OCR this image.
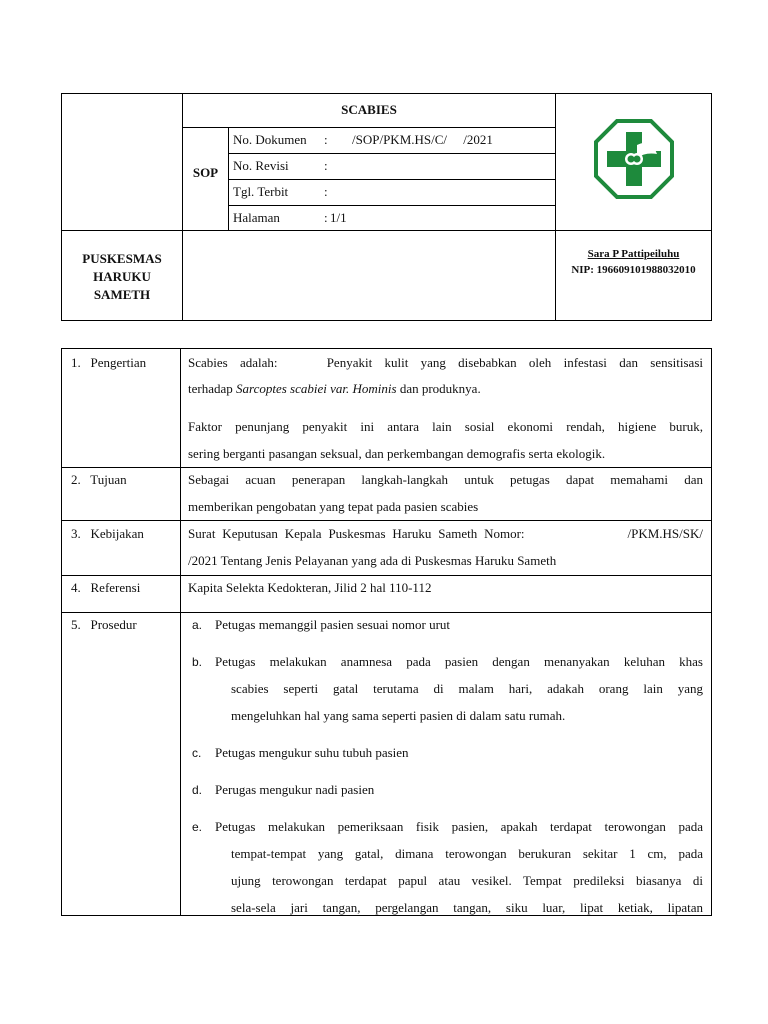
SCABIES
SOP
No. Dokumen : /SOP/PKM.HS/C/     /2021
No. Revisi	:
Tgl. Terbit	:
Halaman	: 1/1
PUSKESMAS
HARUKU
SAMETH
Sara P Pattipeiluhu
NIP: 196609101988032010
1.   Pengertian	Scabies adalah:    Penyakit kulit yang disebabkan oleh infestasi dan sensitisasi
terhadap Sarcoptes scabiei var. Hominis dan produknya.
Faktor penunjang penyakit ini antara lain sosial ekonomi rendah, higiene buruk,
sering berganti pasangan seksual, dan perkembangan demografis serta ekologik.
2.   Tujuan	Sebagai acuan penerapan langkah-langkah untuk petugas dapat memahami dan
memberikan pengobatan yang tepat pada pasien scabies
3.   Kebijakan	Surat Keputusan Kepala Puskesmas Haruku Sameth Nomor:               /PKM.HS/SK/
/2021 Tentang Jenis Pelayanan yang ada di Puskesmas Haruku Sameth
4.   Referensi	Kapita Selekta Kedokteran, Jilid 2 hal 110-112
5.   Prosedur	a. Petugas memanggil pasien sesuai nomor urut
b. Petugas melakukan anamnesa pada pasien dengan menanyakan keluhan khas
scabies seperti gatal terutama di malam hari, adakah orang lain yang
mengeluhkan hal yang sama seperti pasien di dalam satu rumah.
c. Petugas mengukur suhu tubuh pasien
d. Perugas mengukur nadi pasien
e. Petugas melakukan pemeriksaan fisik pasien, apakah terdapat terowongan pada
tempat-tempat yang gatal, dimana terowongan berukuran sekitar 1 cm, pada
ujung terowongan terdapat papul atau vesikel. Tempat predileksi biasanya di
sela-sela jari tangan, pergelangan tangan, siku luar, lipat ketiak, lipatan
